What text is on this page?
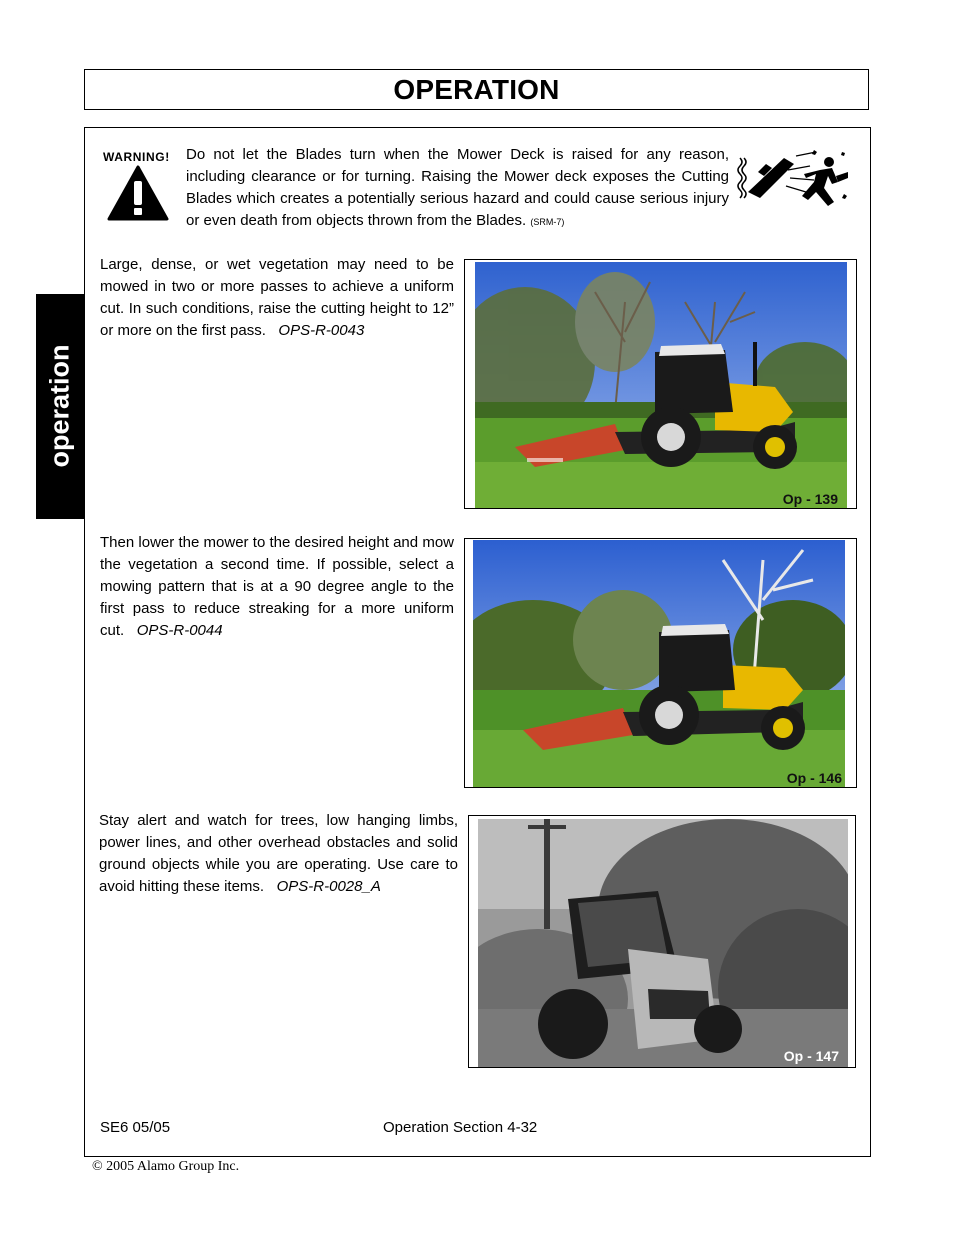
OPERATION
operation
WARNING! Do not let the Blades turn when the Mower Deck is raised for any reason, including clearance or for turning. Raising the Mower deck exposes the Cutting Blades which creates a potentially serious hazard and could cause serious injury or even death from objects thrown from the Blades. (SRM-7)
Large, dense, or wet vegetation may need to be mowed in two or more passes to achieve a uniform cut. In such conditions, raise the cutting height to 12” or more on the first pass. OPS-R-0043
Op - 139
Then lower the mower to the desired height and mow the vegetation a second time. If possible, select a mowing pattern that is at a 90 degree angle to the first pass to reduce streaking for a more uniform cut. OPS-R-0044
Op - 146
Stay alert and watch for trees, low hanging limbs, power lines, and other overhead obstacles and solid ground objects while you are operating. Use care to avoid hitting these items. OPS-R-0028_A
Op - 147
SE6 05/05	Operation Section 4-32
© 2005 Alamo Group Inc.
